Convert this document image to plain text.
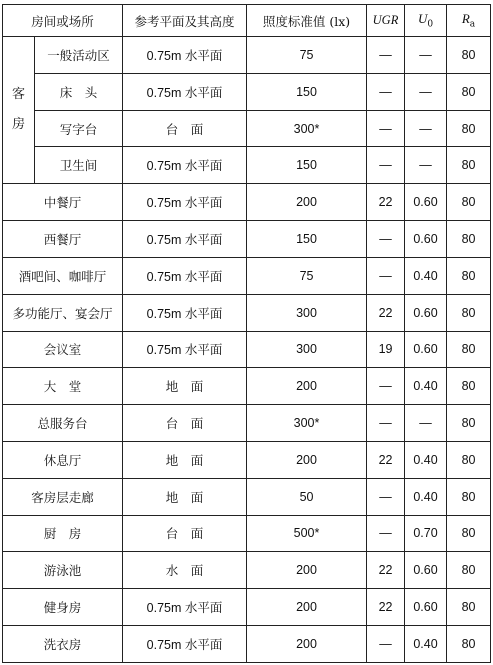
房间或场所		参考平面及其高度	照度标准值 (lx)	UGR	$U_0$	$R_a$

客
房	一般活动区	0.75m 水平面	75	—	—	80
	床　头	0.75m 水平面	150	—	—	80
	写字台	台　面	300*	—	—	80
	卫生间	0.75m 水平面	150	—	—	80
中餐厅		0.75m 水平面	200	22	0.60	80
西餐厅		0.75m 水平面	150	—	0.60	80
酒吧间、咖啡厅		0.75m 水平面	75	—	0.40	80
多功能厅、宴会厅		0.75m 水平面	300	22	0.60	80
会议室		0.75m 水平面	300	19	0.60	80
大　堂		地　面	200	—	0.40	80
总服务台		台　面	300*	—	—	80
休息厅		地　面	200	22	0.40	80
客房层走廊		地　面	50	—	0.40	80
厨　房		台　面	500*	—	0.70	80
游泳池		水　面	200	22	0.60	80
健身房		0.75m 水平面	200	22	0.60	80
洗衣房		0.75m 水平面	200	—	0.40	80
